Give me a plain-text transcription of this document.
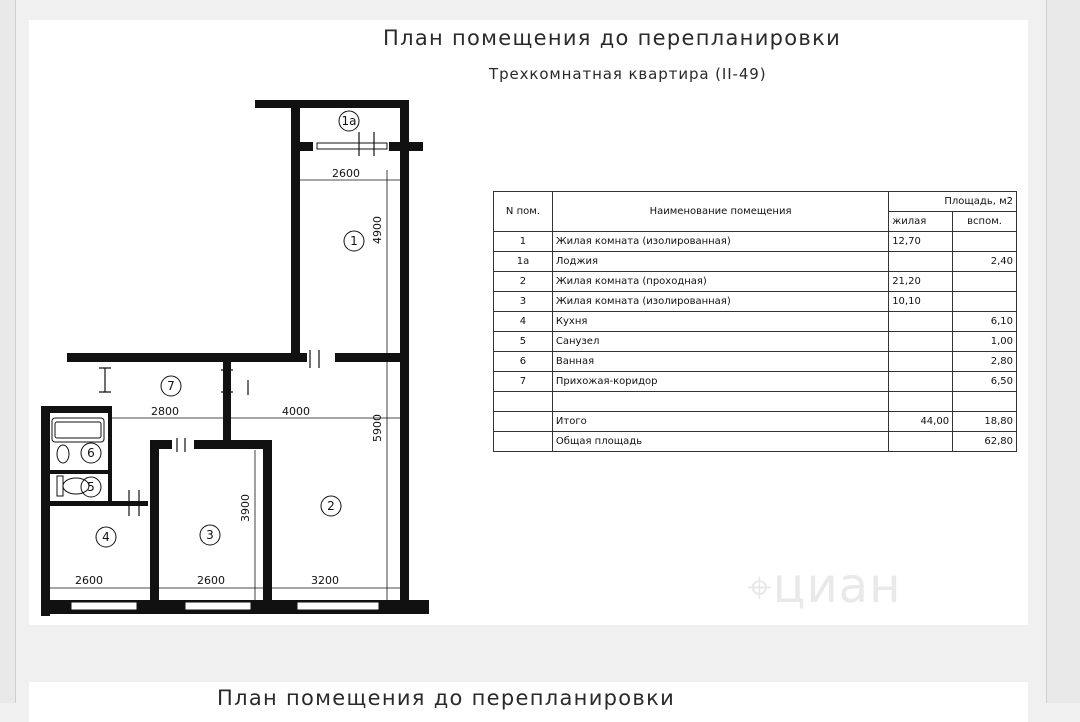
План помещения до перепланировки

Трехкомнатная квартира (II-49)

2600
4900
2800	4000
5900
3900
2600	2600	3200
1
1а
2
3
4
5
6
7
N пом.	Наименование помещения	Площадь, м2	
		жилая	вспом.
1	Жилая комната (изолированная)	12,70	
1а	Лоджия		2,40
2	Жилая комната (проходная)	21,20	
3	Жилая комната (изолированная)	10,10	
4	Кухня		6,10
5	Санузел		1,00
6	Ванная		2,80
7	Прихожая-коридор		6,50

	Итого	44,00	18,80
	Общая площадь		62,80
⌖циан
План помещения до перепланировки
